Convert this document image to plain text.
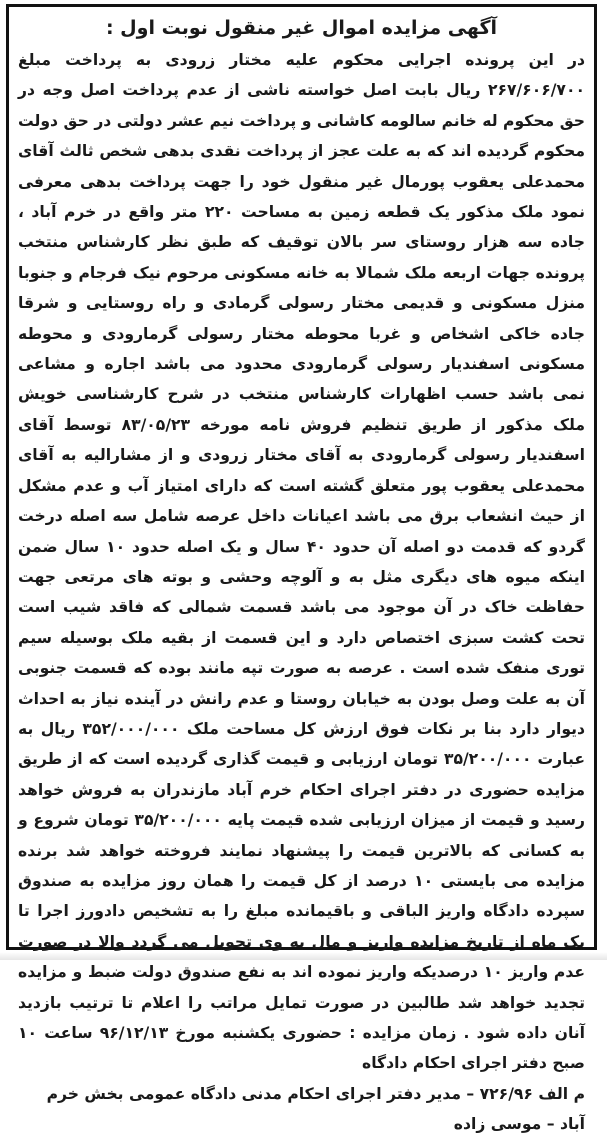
آگهی مزایده اموال غیر منقول نوبت اول :
در این پرونده اجرایی محکوم علیه مختار زرودی به پرداخت مبلغ ۲۶۷/۶۰۶/۷۰۰ ریال بابت اصل خواسته ناشی از عدم پرداخت اصل وجه در حق محکوم له خانم سالومه کاشانی و پرداخت نیم عشر دولتی در حق دولت محکوم گردیده اند که به علت عجز از پرداخت نقدی بدهی شخص ثالث آقای محمدعلی یعقوب پورمال غیر منقول خود را جهت پرداخت بدهی معرفی نمود ملک مذکور یک قطعه زمین به مساحت ۲۲۰ متر واقع در خرم آباد ، جاده سه هزار روستای سر بالان توقیف که طبق نظر کارشناس منتخب پرونده جهات اربعه ملک شمالا به خانه مسکونی مرحوم نیک فرجام و جنوبا منزل مسکونی و قدیمی مختار رسولی گرمادی و راه روستایی و شرقا جاده خاکی اشخاص و غربا محوطه مختار رسولی گرمارودی و محوطه مسکونی اسفندیار رسولی گرمارودی محدود می باشد اجاره و مشاعی نمی باشد حسب اظهارات کارشناس منتخب در شرح کارشناسی خویش ملک مذکور از طریق تنظیم فروش نامه مورخه ۸۳/۰۵/۲۳ توسط آقای اسفندیار رسولی گرمارودی به آقای مختار زرودی و از مشارالیه به آقای محمدعلی یعقوب پور متعلق گشته است که دارای امتیاز آب و عدم مشکل از حیث انشعاب برق می باشد اعیانات داخل عرصه شامل سه اصله درخت گردو که قدمت دو اصله آن حدود ۴۰ سال و یک اصله حدود ۱۰ سال ضمن اینکه میوه های دیگری مثل به و آلوچه وحشی و بوته های مرتعی جهت حفاظت خاک در آن موجود می باشد قسمت شمالی که فاقد شیب است تحت کشت سبزی اختصاص دارد و این قسمت از بقیه ملک بوسیله سیم توری منفک شده است . عرصه به صورت تپه مانند بوده که قسمت جنوبی آن به علت وصل بودن به خیابان روستا و عدم رانش در آینده نیاز به احداث دیوار دارد بنا بر نکات فوق ارزش کل مساحت ملک ۳۵۲/۰۰۰/۰۰۰ ریال به عبارت ۳۵/۲۰۰/۰۰۰ تومان ارزیابی و قیمت گذاری گردیده است که از طریق مزایده حضوری در دفتر اجرای احکام خرم آباد مازندران به فروش خواهد رسید و قیمت از میزان ارزیابی شده قیمت پایه ۳۵/۲۰۰/۰۰۰ تومان شروع و به کسانی که بالاترین قیمت را پیشنهاد نمایند فروخته خواهد شد برنده مزایده می بایستی ۱۰ درصد از کل قیمت را همان روز مزایده به صندوق سپرده دادگاه واریز الباقی و باقیمانده مبلغ را به تشخیص دادورز اجرا تا یک ماه از تاریخ مزایده واریز و مال به وی تحویل می گردد والا در صورت عدم واریز ۱۰ درصدیکه واریز نموده اند به نفع صندوق دولت ضبط و مزایده تجدید خواهد شد طالبین در صورت تمایل مراتب را اعلام تا ترتیب بازدید آنان داده شود . زمان مزایده : حضوری یکشنبه مورخ ۹۶/۱۲/۱۳ ساعت ۱۰ صبح دفتر اجرای احکام دادگاه
م الف ۷۲۶/۹۶ – مدیر دفتر اجرای احکام مدنی دادگاه عمومی بخش خرم آباد – موسی زاده
